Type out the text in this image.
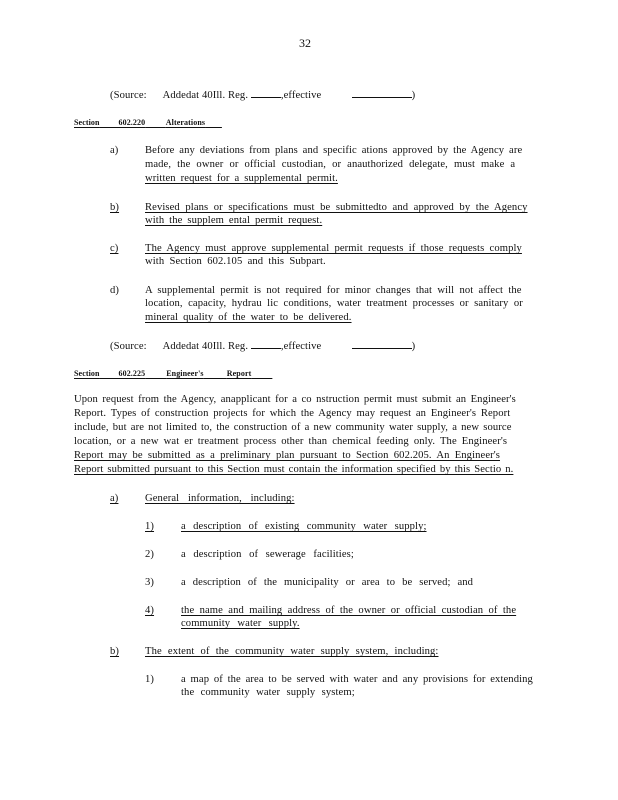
32
(Source: Addedat 40Ill. Reg.	,effective	)
Section 602.220	Alterations
a)	Before any deviations from plans and specific ations approved by the Agency are
made, the owner or official custodian, or anauthorized delegate, must make a
written request for a supplemental permit.
b) Revised plans or specifications must be submittedto and approved by the Agency
with the supplem ental permit request.
c)	The Agency must approve supplemental permit requests if those requests comply
with Section 602.105 and this Subpart.
d) A supplemental permit is not required for minor changes that will not affect the
location, capacity, hydrau lic conditions, water treatment processes or sanitary or
mineral quality of the water to be delivered.
(Source: Addedat 40Ill. Reg.	,effective	)
Section 602.225	Engineer's	Report
Upon request from the Agency, anapplicant for a co nstruction permit must submit an Engineer's
Report. Types of construction projects for which the Agency may request an Engineer's Report
include, but are not limited to, the construction of a new community water supply, a new source
location, or a new wat er treatment process other than chemical feeding only. The Engineer's
Report may be submitted as a preliminary plan pursuant to Section 602.205. An Engineer's
Report submitted pursuant to this Section must contain the information specified by this Sectio n.
a)	General information, including:
1)	a description of existing community water supply;
2)	a description of sewerage facilities;
3)	a description of the municipality or area to be served; and
4)	the name and mailing address of the owner or official custodian of the
community water supply.
b) The extent of the community water supply system, including:
1)	a map of the area to be served with water and any provisions for extending
the community water supply system;
